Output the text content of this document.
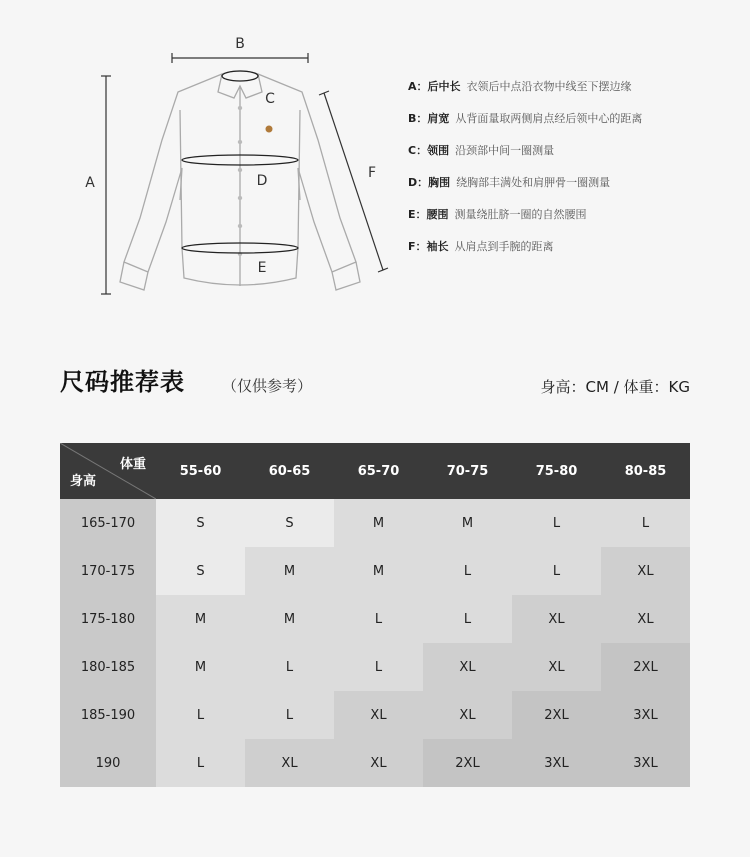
B
A
F
C
D
E
A：后中长 衣领后中点沿衣物中线至下摆边缘
B：肩宽 从背面量取两侧肩点经后领中心的距离
C：领围 沿颈部中间一圈测量
D：胸围 绕胸部丰满处和肩胛骨一圈测量
E：腰围 测量绕肚脐一圈的自然腰围
F：袖长 从肩点到手腕的距离
尺码推荐表 （仅供参考）	身高：CM / 体重：KG
体重
身高	55-60	60-65	65-70	70-75	75-80	80-85
165-170	S	S	M	M	L	L
170-175	S	M	M	L	L	XL
175-180	M	M	L	L	XL	XL
180-185	M	L	L	XL	XL	2XL
185-190	L	L	XL	XL	2XL	3XL
190	L	XL	XL	2XL	3XL	3XL
